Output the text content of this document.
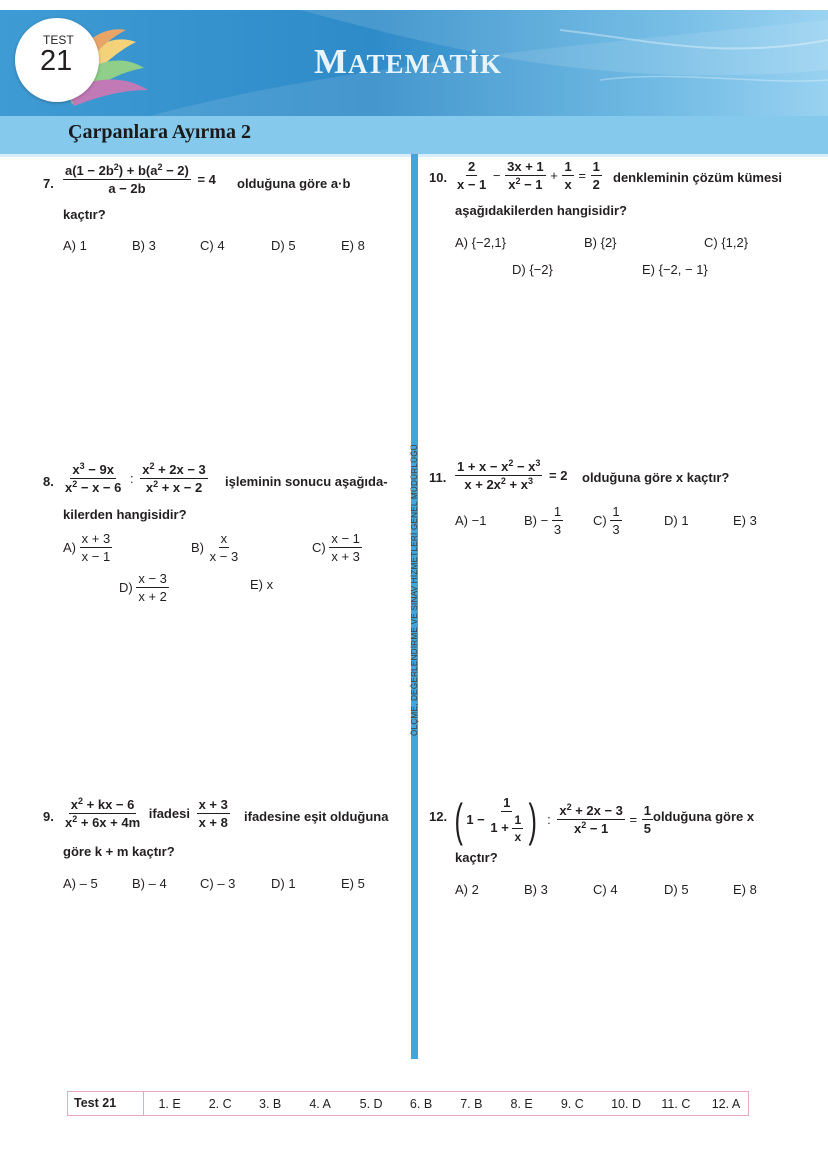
TEST
21	MATEMATİK
Çarpanlara Ayırma 2
ÖLÇME, DEĞERLENDİRME VE SINAV HİZMETLERİ GENEL MÜDÜRLÜĞÜ
7. $\frac{a(1 - 2b^2) + b(a^2 - 2)}{a - 2b} = 4$ olduğuna göre a·b
kaçtır?
A) 1	B) 3	C) 4	D) 5	E) 8
8. $\frac{x^3 - 9x}{x^2 - x - 6}$ : $\frac{x^2 + 2x - 3}{x^2 + x - 2}$ işleminin sonucu aşağıda-
kilerden hangisidir?
$A) \frac{x + 3}{x - 1}$	$B) \frac{x}{x - 3}$	$C) \frac{x - 1}{x + 3}$
$D) \frac{x - 3}{x + 2}$	E) x
9. $\frac{x^2 + kx - 6}{x^2 + 6x + 4m}$ ifadesi $\frac{x + 3}{x + 8}$ ifadesine eşit olduğuna
göre k + m kaçtır?
A) – 5	B) – 4	C) – 3	D) 1	E) 5
10. $\frac{2}{x - 1} - \frac{3x + 1}{x^2 - 1} + \frac{1}{x} = \frac{1}{2}$ denkleminin çözüm kümesi
aşağıdakilerden hangisidir?
A) {−2,1}	B) {2}	C) {1,2}
D) {−2}	E) {−2, − 1}
11. $\frac{1 + x - x^2 - x^3}{x + 2x^2 + x^3} = 2$ olduğuna göre x kaçtır?
A) −1	$B) - \frac{1}{3} C) \frac{1}{3}$	D) 1	E) 3
12. ( $1 - \frac{1}{1 + \frac{1}{x}}$ ) : $\frac{x^2 + 2x - 3}{x^2 - 1} = \frac{1}{5}$ olduğuna göre x
kaçtır?
A) 2	B) 3	C) 4	D) 5	E) 8
Test 21	1. E	2. C	3. B	4. A	5. D	6. B	7. B	8. E	9. C	10. D	11. C	12. A
